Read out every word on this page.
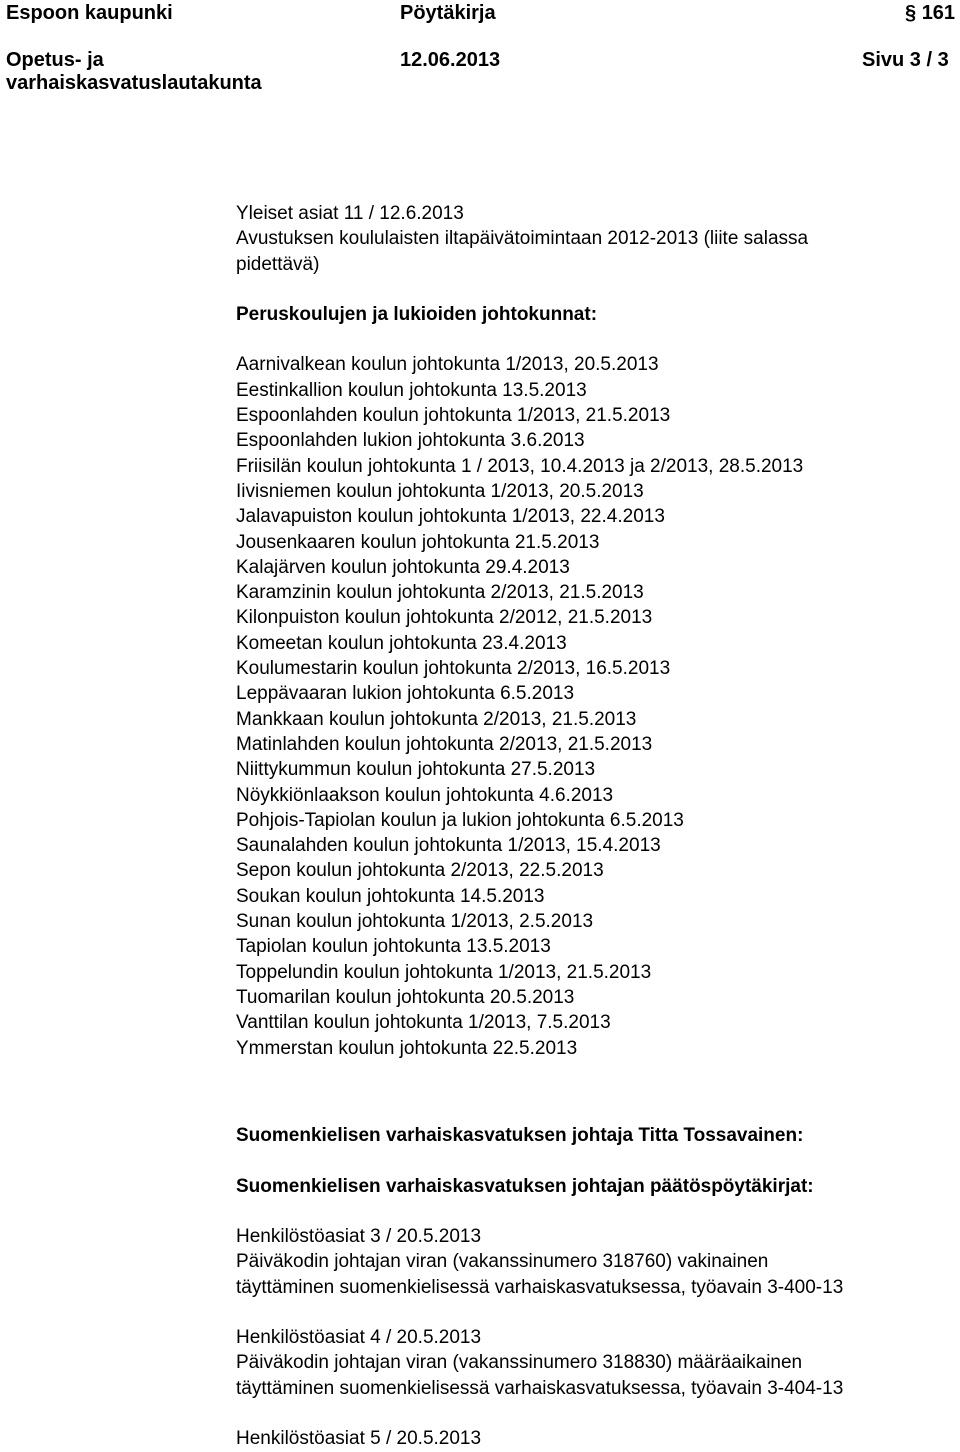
Espoon kaupunki	Pöytäkirja	§ 161
Opetus- ja
varhaiskasvatuslautakunta
12.06.2013	Sivu 3 / 3
Yleiset asiat 11 / 12.6.2013
Avustuksen koululaisten iltapäivätoimintaan 2012-2013 (liite salassa
pidettävä)
Peruskoulujen ja lukioiden johtokunnat:
Aarnivalkean koulun johtokunta 1/2013, 20.5.2013
Eestinkallion koulun johtokunta 13.5.2013
Espoonlahden koulun johtokunta 1/2013, 21.5.2013
Espoonlahden lukion johtokunta 3.6.2013
Friisilän koulun johtokunta 1 / 2013, 10.4.2013 ja 2/2013, 28.5.2013
Iivisniemen koulun johtokunta 1/2013, 20.5.2013
Jalavapuiston koulun johtokunta 1/2013, 22.4.2013
Jousenkaaren koulun johtokunta 21.5.2013
Kalajärven koulun johtokunta 29.4.2013
Karamzinin koulun johtokunta 2/2013, 21.5.2013
Kilonpuiston koulun johtokunta 2/2012, 21.5.2013
Komeetan koulun johtokunta 23.4.2013
Koulumestarin koulun johtokunta 2/2013, 16.5.2013
Leppävaaran lukion johtokunta 6.5.2013
Mankkaan koulun johtokunta 2/2013, 21.5.2013
Matinlahden koulun johtokunta 2/2013, 21.5.2013
Niittykummun koulun johtokunta 27.5.2013
Nöykkiönlaakson koulun johtokunta 4.6.2013
Pohjois-Tapiolan koulun ja lukion johtokunta 6.5.2013
Saunalahden koulun johtokunta 1/2013, 15.4.2013
Sepon koulun johtokunta 2/2013, 22.5.2013
Soukan koulun johtokunta 14.5.2013
Sunan koulun johtokunta 1/2013, 2.5.2013
Tapiolan koulun johtokunta 13.5.2013
Toppelundin koulun johtokunta 1/2013, 21.5.2013
Tuomarilan koulun johtokunta 20.5.2013
Vanttilan koulun johtokunta 1/2013, 7.5.2013
Ymmerstan koulun johtokunta 22.5.2013
Suomenkielisen varhaiskasvatuksen johtaja Titta Tossavainen:
Suomenkielisen varhaiskasvatuksen johtajan päätöspöytäkirjat:
Henkilöstöasiat 3 / 20.5.2013
Päiväkodin johtajan viran (vakanssinumero 318760) vakinainen
täyttäminen suomenkielisessä varhaiskasvatuksessa, työavain 3-400-13
Henkilöstöasiat 4 / 20.5.2013
Päiväkodin johtajan viran (vakanssinumero 318830) määräaikainen
täyttäminen suomenkielisessä varhaiskasvatuksessa, työavain 3-404-13
Henkilöstöasiat 5 / 20.5.2013
